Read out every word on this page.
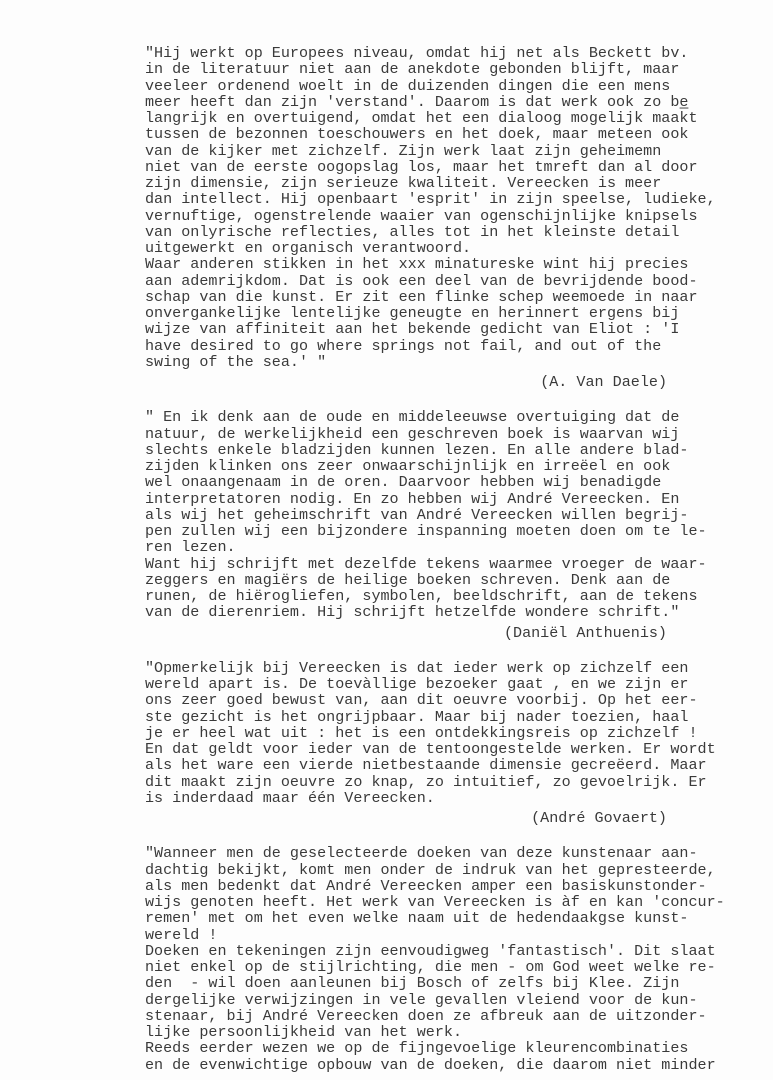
"Hij werkt op Europees niveau, omdat hij net als Beckett bv.
in de literatuur niet aan de anekdote gebonden blijft, maar
veeleer ordenend woelt in de duizenden dingen die een mens
meer heeft dan zijn 'verstand'. Daarom is dat werk ook zo be̲
langrijk en overtuigend, omdat het een dialoog mogelijk maakt
tussen de bezonnen toeschouwers en het doek, maar meteen ook
van de kijker met zichzelf. Zijn werk laat zijn geheimemn
niet van de eerste oogopslag los, maar het tmreft dan al door
zijn dimensie, zijn serieuze kwaliteit. Vereecken is meer
dan intellect. Hij openbaart 'esprit' in zijn speelse, ludieke,
vernuftige, ogenstrelende waaier van ogenschijnlijke knipsels
van onlyrische reflecties, alles tot in het kleinste detail
uitgewerkt en organisch verantwoord.
Waar anderen stikken in het xxx minatureske wint hij precies
aan ademrijkdom. Dat is ook een deel van de bevrijdende bood-
schap van die kunst. Er zit een flinke schep weemoede in naar
onvergankelijke lentelijke geneugte en herinnert ergens bij
wijze van affiniteit aan het bekende gedicht van Eliot : 'I
have desired to go where springs not fail, and out of the
swing of the sea.' "
(A. Van Daele)
" En ik denk aan de oude en middeleeuwse overtuiging dat de
natuur, de werkelijkheid een geschreven boek is waarvan wij
slechts enkele bladzijden kunnen lezen. En alle andere blad-
zijden klinken ons zeer onwaarschijnlijk en irreëel en ook
wel onaangenaam in de oren. Daarvoor hebben wij benadigde
interpretatoren nodig. En zo hebben wij André Vereecken. En
als wij het geheimschrift van André Vereecken willen begrij-
pen zullen wij een bijzondere inspanning moeten doen om te le-
ren lezen.
Want hij schrijft met dezelfde tekens waarmee vroeger de waar-
zeggers en magiërs de heilige boeken schreven. Denk aan de
runen, de hiërogliefen, symbolen, beeldschrift, aan de tekens
van de dierenriem. Hij schrijft hetzelfde wondere schrift."
(Daniël Anthuenis)
"Opmerkelijk bij Vereecken is dat ieder werk op zichzelf een
wereld apart is. De toevàllige bezoeker gaat , en we zijn er
ons zeer goed bewust van, aan dit oeuvre voorbij. Op het eer-
ste gezicht is het ongrijpbaar. Maar bij nader toezien, haal
je er heel wat uit : het is een ontdekkingsreis op zichzelf !
En dat geldt voor ieder van de tentoongestelde werken. Er wordt
als het ware een vierde nietbestaande dimensie gecreëerd. Maar
dit maakt zijn oeuvre zo knap, zo intuitief, zo gevoelrijk. Er
is inderdaad maar één Vereecken.
(André Govaert)
"Wanneer men de geselecteerde doeken van deze kunstenaar aan-
dachtig bekijkt, komt men onder de indruk van het gepresteerde,
als men bedenkt dat André Vereecken amper een basiskunstonder-
wijs genoten heeft. Het werk van Vereecken is àf en kan 'concur-
remen' met om het even welke naam uit de hedendaakgse kunst-
wereld !
Doeken en tekeningen zijn eenvoudigweg 'fantastisch'. Dit slaat
niet enkel op de stijlrichting, die men - om God weet welke re-
den  - wil doen aanleunen bij Bosch of zelfs bij Klee. Zijn
dergelijke verwijzingen in vele gevallen vleiend voor de kun-
stenaar, bij André Vereecken doen ze afbreuk aan de uitzonder-
lijke persoonlijkheid van het werk.
Reeds eerder wezen we op de fijngevoelige kleurencombinaties
en de evenwichtige opbouw van de doeken, die daarom niet minder
